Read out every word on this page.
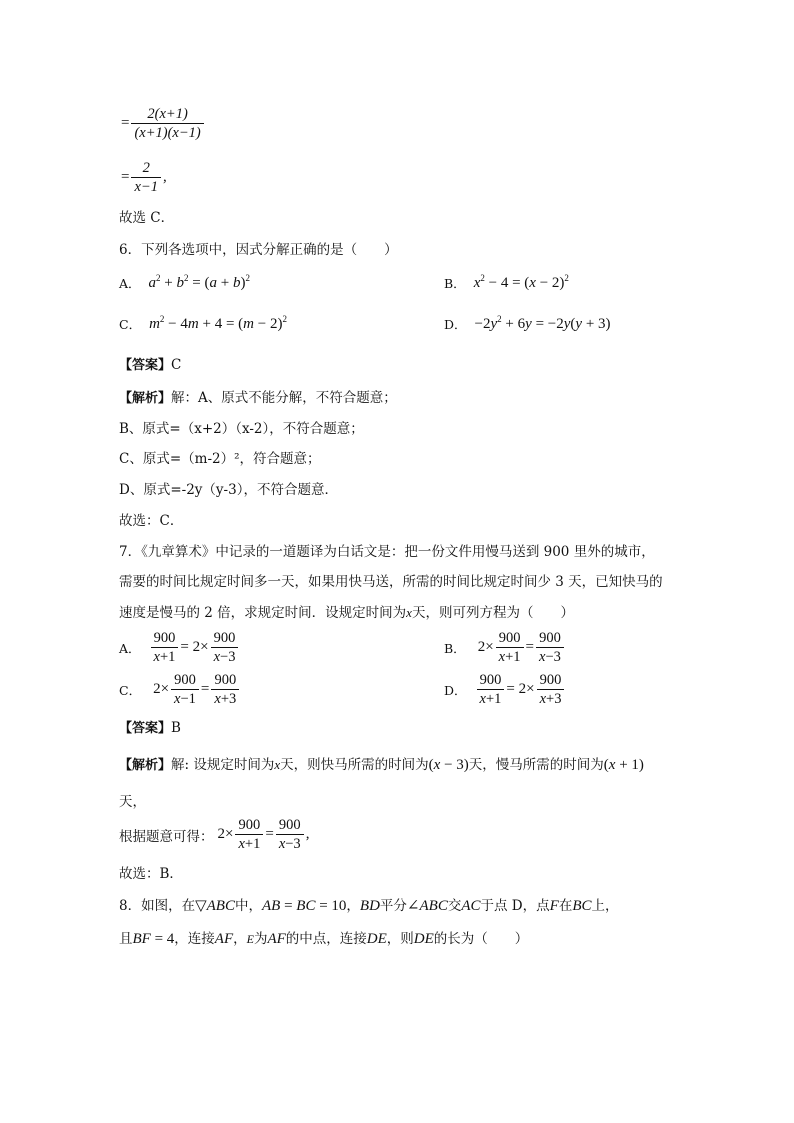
= $\frac{2(x+1)}{(x+1)(x-1)}$
= $\frac{2}{x-1}$ ,
故选 C．
6．下列各选项中，因式分解正确的是（　　）
A． $a^2 + b^2 = (a + b)^2$	B． $x^2 - 4 = (x - 2)^2$
C． $m^2 - 4m + 4 = (m - 2)^2$	D． $-2y^2 + 6y = -2y(y + 3)$
【答案】C
【解析】解：A、原式不能分解，不符合题意；
B、原式=（x+2）（x-2），不符合题意；
C、原式=（m-2）²，符合题意；
D、原式=-2y（y-3），不符合题意．
故选：C．
7．《九章算术》中记录的一道题译为白话文是：把一份文件用慢马送到 900 里外的城市，
需要的时间比规定时间多一天，如果用快马送，所需的时间比规定时间少 3 天，已知快马的
速度是慢马的 2 倍，求规定时间．设规定时间为x天，则可列方程为（　　）
A． $\frac{900}{x+1} = 2\times \frac{900}{x-3}$	B． $2\times \frac{900}{x+1} = \frac{900}{x-3}$
C． $2\times \frac{900}{x-1} = \frac{900}{x+3}$	D． $\frac{900}{x+1} = 2\times \frac{900}{x+3}$
【答案】B
【解析】解: 设规定时间为x天，则快马所需的时间为(x − 3)天，慢马所需的时间为(x + 1)
天，
根据题意可得： $2\times \frac{900}{x+1} = \frac{900}{x-3}$ ,
故选：B．
8．如图，在▽ABC中，AB = BC = 10，BD平分∠ABC交AC于点 D，点F在BC上，
且BF = 4，连接AF，E为AF的中点，连接DE，则DE的长为（　　）
